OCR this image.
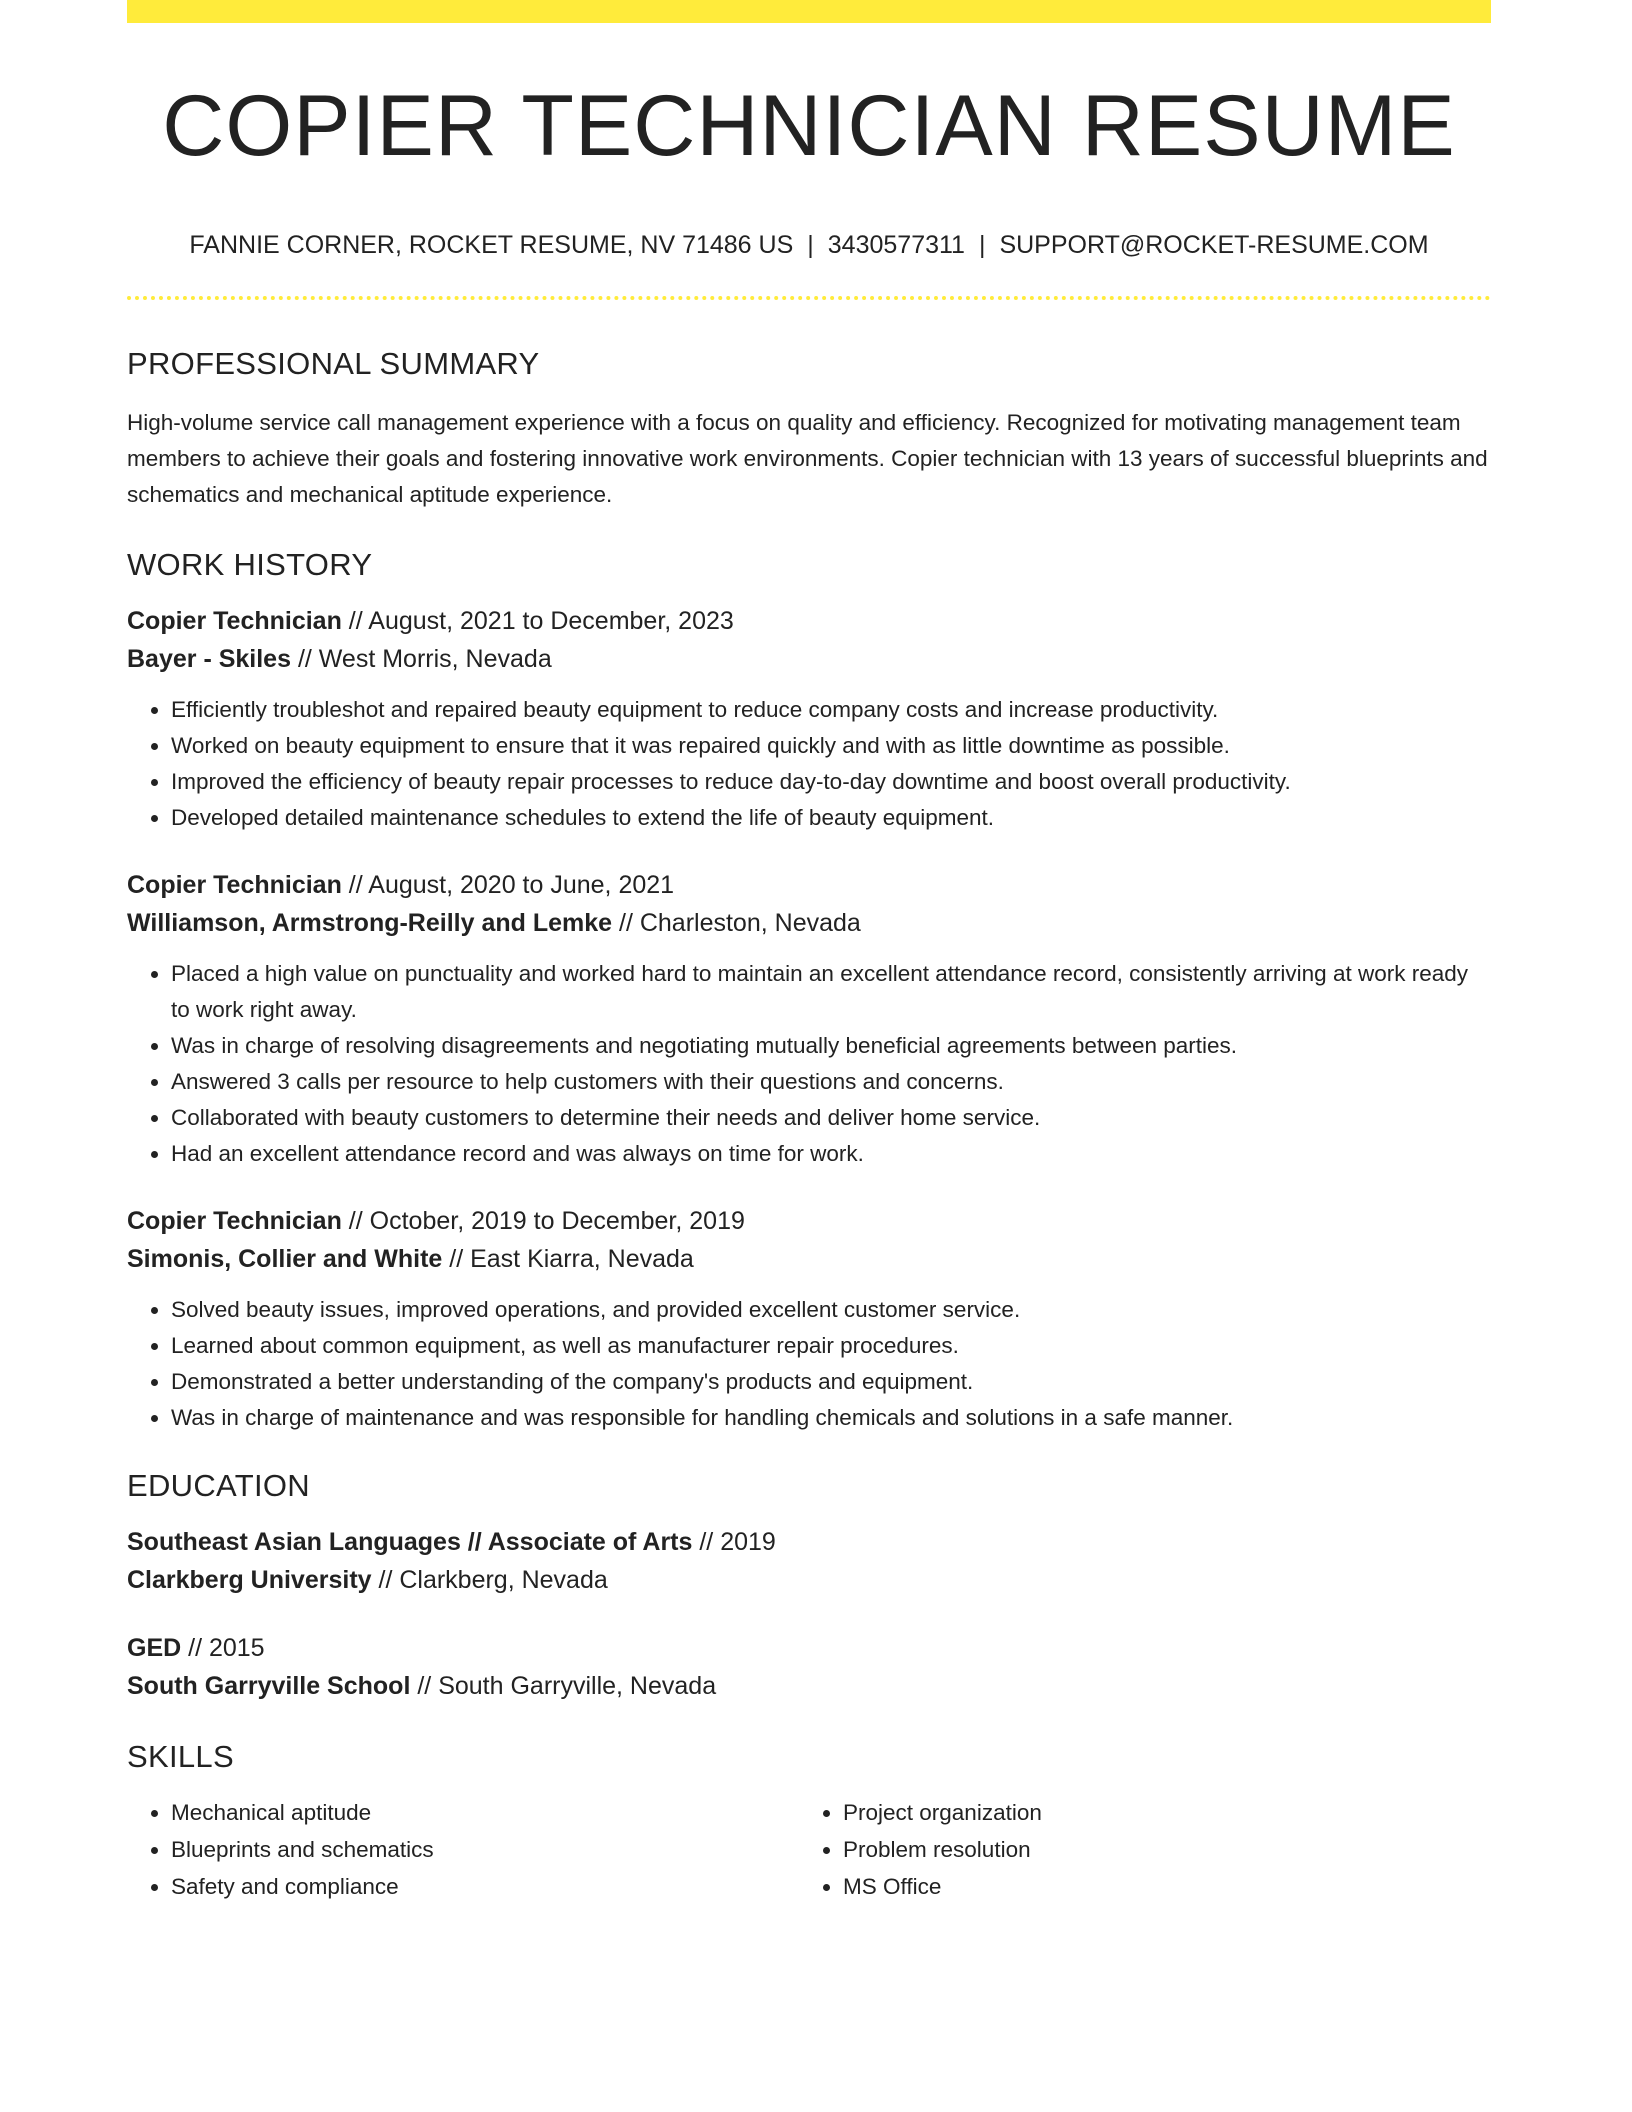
COPIER TECHNICIAN RESUME
FANNIE CORNER, ROCKET RESUME, NV 71486 US | 3430577311 | SUPPORT@ROCKET-RESUME.COM
PROFESSIONAL SUMMARY
High-volume service call management experience with a focus on quality and efficiency. Recognized for motivating management team members to achieve their goals and fostering innovative work environments. Copier technician with 13 years of successful blueprints and schematics and mechanical aptitude experience.
WORK HISTORY
Copier Technician // August, 2021 to December, 2023
Bayer - Skiles // West Morris, Nevada
• Efficiently troubleshot and repaired beauty equipment to reduce company costs and increase productivity.
• Worked on beauty equipment to ensure that it was repaired quickly and with as little downtime as possible.
• Improved the efficiency of beauty repair processes to reduce day-to-day downtime and boost overall productivity.
• Developed detailed maintenance schedules to extend the life of beauty equipment.
Copier Technician // August, 2020 to June, 2021
Williamson, Armstrong-Reilly and Lemke // Charleston, Nevada
• Placed a high value on punctuality and worked hard to maintain an excellent attendance record, consistently arriving at work ready to work right away.
• Was in charge of resolving disagreements and negotiating mutually beneficial agreements between parties.
• Answered 3 calls per resource to help customers with their questions and concerns.
• Collaborated with beauty customers to determine their needs and deliver home service.
• Had an excellent attendance record and was always on time for work.
Copier Technician // October, 2019 to December, 2019
Simonis, Collier and White // East Kiarra, Nevada
• Solved beauty issues, improved operations, and provided excellent customer service.
• Learned about common equipment, as well as manufacturer repair procedures.
• Demonstrated a better understanding of the company's products and equipment.
• Was in charge of maintenance and was responsible for handling chemicals and solutions in a safe manner.
EDUCATION
Southeast Asian Languages // Associate of Arts // 2019
Clarkberg University // Clarkberg, Nevada
GED // 2015
South Garryville School // South Garryville, Nevada
SKILLS
• Mechanical aptitude
• Blueprints and schematics
• Safety and compliance
• Project organization
• Problem resolution
• MS Office
